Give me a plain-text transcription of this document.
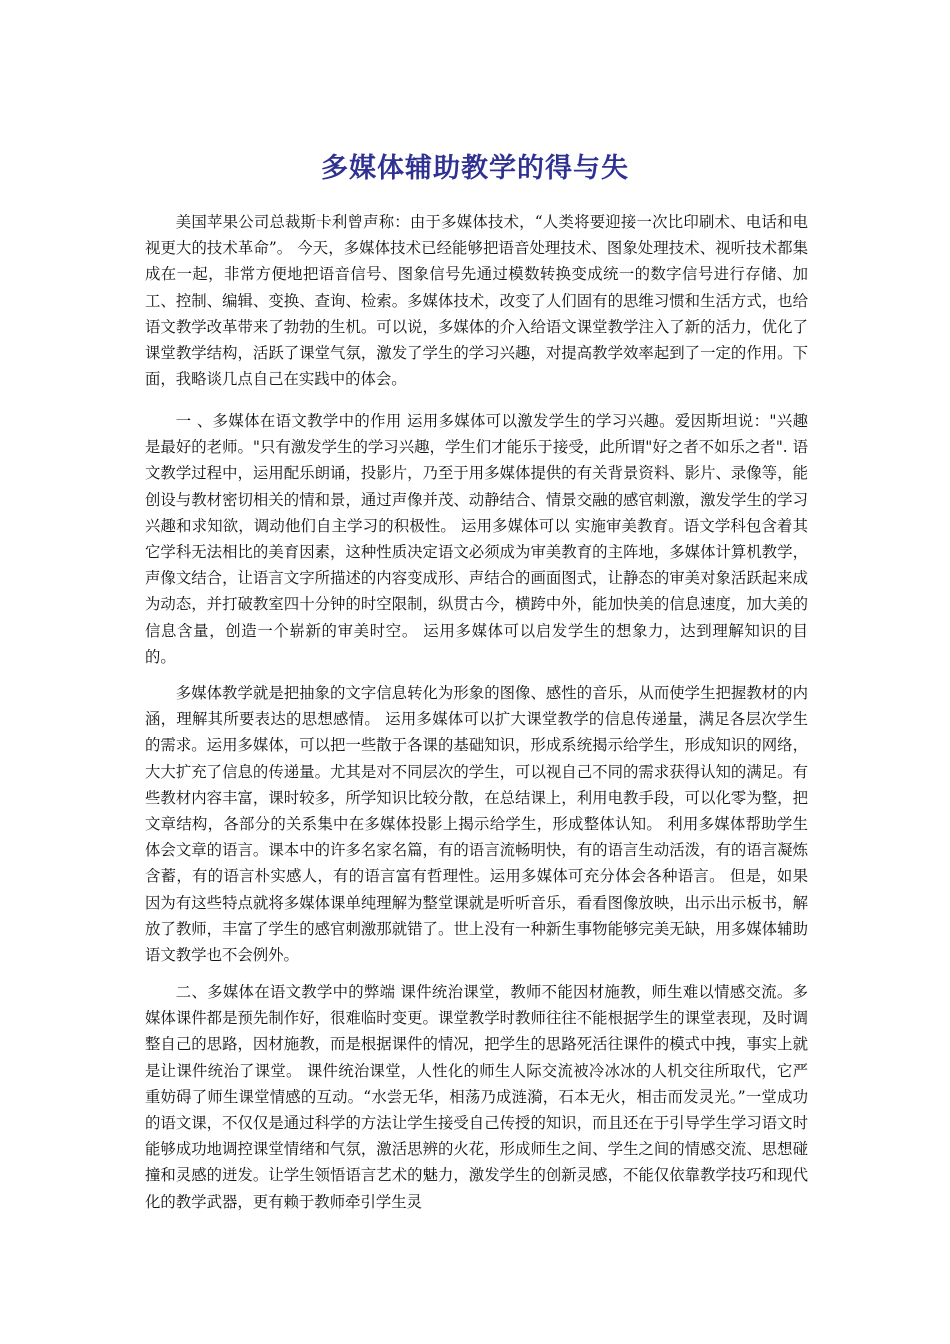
多媒体辅助教学的得与失

美国苹果公司总裁斯卡利曾声称：由于多媒体技术，“人类将要迎接一次比印刷术、电话和电视更大的技术革命”。 今天，多媒体技术已经能够把语音处理技术、图象处理技术、视听技术都集成在一起，非常方便地把语音信号、图象信号先通过模数转换变成统一的数字信号进行存储、加工、控制、编辑、变换、查询、检索。多媒体技术，改变了人们固有的思维习惯和生活方式，也给语文教学改革带来了勃勃的生机。可以说，多媒体的介入给语文课堂教学注入了新的活力，优化了课堂教学结构，活跃了课堂气氛，激发了学生的学习兴趣，对提高教学效率起到了一定的作用。下面，我略谈几点自己在实践中的体会。

一 、多媒体在语文教学中的作用 运用多媒体可以激发学生的学习兴趣。爱因斯坦说："兴趣是最好的老师。"只有激发学生的学习兴趣，学生们才能乐于接受，此所谓"好之者不如乐之者". 语文教学过程中，运用配乐朗诵，投影片，乃至于用多媒体提供的有关背景资料、影片、录像等，能创设与教材密切相关的情和景，通过声像并茂、动静结合、情景交融的感官刺激，激发学生的学习兴趣和求知欲，调动他们自主学习的积极性。 运用多媒体可以 实施审美教育。语文学科包含着其它学科无法相比的美育因素，这种性质决定语文必须成为审美教育的主阵地，多媒体计算机教学，声像文结合，让语言文字所描述的内容变成形、声结合的画面图式，让静态的审美对象活跃起来成为动态，并打破教室四十分钟的时空限制，纵贯古今，横跨中外，能加快美的信息速度，加大美的信息含量，创造一个崭新的审美时空。 运用多媒体可以启发学生的想象力，达到理解知识的目的。

多媒体教学就是把抽象的文字信息转化为形象的图像、感性的音乐，从而使学生把握教材的内涵，理解其所要表达的思想感情。 运用多媒体可以扩大课堂教学的信息传递量，满足各层次学生的需求。运用多媒体，可以把一些散于各课的基础知识，形成系统揭示给学生，形成知识的网络，大大扩充了信息的传递量。尤其是对不同层次的学生，可以视自己不同的需求获得认知的满足。有些教材内容丰富，课时较多，所学知识比较分散，在总结课上，利用电教手段，可以化零为整，把文章结构，各部分的关系集中在多媒体投影上揭示给学生，形成整体认知。 利用多媒体帮助学生体会文章的语言。课本中的许多名家名篇，有的语言流畅明快，有的语言生动活泼，有的语言凝炼含蓄，有的语言朴实感人，有的语言富有哲理性。运用多媒体可充分体会各种语言。 但是，如果因为有这些特点就将多媒体课单纯理解为整堂课就是听听音乐，看看图像放映，出示出示板书，解放了教师，丰富了学生的感官刺激那就错了。世上没有一种新生事物能够完美无缺，用多媒体辅助语文教学也不会例外。

二、多媒体在语文教学中的弊端 课件统治课堂，教师不能因材施教，师生难以情感交流。多媒体课件都是预先制作好，很难临时变更。课堂教学时教师往往不能根据学生的课堂表现，及时调整自己的思路，因材施教，而是根据课件的情况，把学生的思路死活往课件的模式中拽，事实上就是让课件统治了课堂。 课件统治课堂，人性化的师生人际交流被冷冰冰的人机交往所取代，它严重妨碍了师生课堂情感的互动。“水尝无华，相荡乃成涟漪，石本无火，相击而发灵光。”一堂成功的语文课，不仅仅是通过科学的方法让学生接受自己传授的知识，而且还在于引导学生学习语文时能够成功地调控课堂情绪和气氛，激活思辨的火花，形成师生之间、学生之间的情感交流、思想碰撞和灵感的迸发。让学生领悟语言艺术的魅力，激发学生的创新灵感，不能仅依靠教学技巧和现代化的教学武器，更有赖于教师牵引学生灵
